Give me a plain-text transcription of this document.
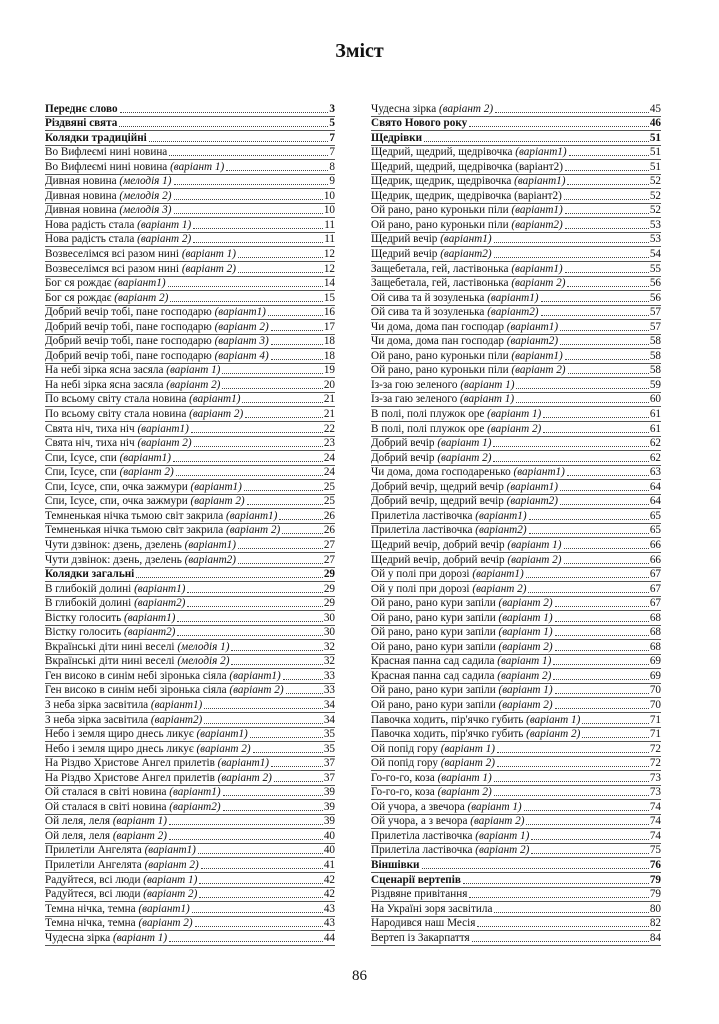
Зміст
Переднє слово	3
Різдвяні свята	5
Колядки традиційні	7
Во Вифлеємі нині новина	7
Во Вифлеємі нині новина (варіант 1)	8
Дивная новина (мелодія 1)	9
Дивная новина (мелодія 2)	10
Дивная новина (мелодія 3)	10
Нова радість стала (варіант 1)	11
Нова радість стала (варіант 2)	11
Возвеселімся всі разом нині (варіант 1)	12
Возвеселімся всі разом нині (варіант 2)	12
Бог ся рождає (варіант1)	14
Бог ся рождає (варіант 2)	15
Добрий вечір тобі, пане господарю (варіант1)	16
Добрий вечір тобі, пане господарю (варіант 2)	17
Добрий вечір тобі, пане господарю (варіант 3)	18
Добрий вечір тобі, пане господарю (варіант 4)	18
На небі зірка ясна засяла (варіант 1)	19
На небі зірка ясна засяла (варіант 2)	20
По всьому світу стала новина (варіант1)	21
По всьому світу стала новина (варіант 2)	21
Свята ніч, тиха ніч (варіант1)	22
Свята ніч, тиха ніч (варіант 2)	23
Спи, Ісусе, спи (варіант1)	24
Спи, Ісусе, спи (варіант 2)	24
Спи, Ісусе, спи, очка зажмури (варіант1)	25
Спи, Ісусе, спи, очка зажмури (варіант 2)	25
Темненькая нічка тьмою світ закрила (варіант1)	26
Темненькая нічка тьмою світ закрила (варіант 2)	26
Чути дзвінок: дзень, дзелень (варіант1)	27
Чути дзвінок: дзень, дзелень (варіант2)	27
Колядки загальні	29
В глибокій долині (варіант1)	29
В глибокій долині (варіант2)	29
Вістку голосить (варіант1)	30
Вістку голосить (варіант2)	30
Вкраїнські діти нині веселі (мелодія 1)	32
Вкраїнські діти нині веселі (мелодія 2)	32
Ген високо в синім небі зіронька сіяла (варіант1)	33
Ген високо в синім небі зіронька сіяла (варіант 2)	33
З неба зірка засвітила (варіант1)	34
З неба зірка засвітила (варіант2)	34
Небо і земля щиро днесь ликує (варіант1)	35
Небо і земля щиро днесь ликує (варіант 2)	35
На Різдво Христове Ангел прилетів (варіант1)	37
На Різдво Христове Ангел прилетів (варіант 2)	37
Ой сталася в світі новина (варіант1)	39
Ой сталася в світі новина (варіант2)	39
Ой леля, леля (варіант 1)	39
Ой леля, леля (варіант 2)	40
Прилетіли Ангелята (варіант1)	40
Прилетіли Ангелята (варіант 2)	41
Радуйтеся, всі люди (варіант 1)	42
Радуйтеся, всі люди (варіант 2)	42
Темна нічка, темна (варіант1)	43
Темна нічка, темна (варіант 2)	43
Чудесна зірка (варіант 1)	44
Чудесна зірка (варіант 2)	45
Свято Нового року	46
Щедрівки	51
Щедрий, щедрий, щедрівочка (варіант1)	51
Щедрий, щедрий, щедрівочка (варіант2)	51
Щедрик, щедрик, щедрівочка (варіант1)	52
Щедрик, щедрик, щедрівочка (варіант2)	52
Ой рано, рано куроньки піли (варіант1)	52
Ой рано, рано куроньки піли (варіант2)	53
Щедрий вечір (варіант1)	53
Щедрий вечір (варіант2)	54
Защебетала, гей, ластівонька (варіант1)	55
Защебетала, гей, ластівонька (варіант 2)	56
Ой сива та й зозуленька (варіант1)	56
Ой сива та й зозуленька (варіант2)	57
Чи дома, дома пан господар (варіант1)	57
Чи дома, дома пан господар (варіант2)	58
Ой рано, рано куроньки піли (варіант1)	58
Ой рано, рано куроньки піли (варіант 2)	58
Із-за гою зеленого (варіант 1)	59
Із-за гаю зеленого (варіант 1)	60
В полі, полі плужок оре (варіант 1)	61
В полі, полі плужок оре (варіант 2)	61
Добрий вечір (варіант 1)	62
Добрий вечір (варіант 2)	62
Чи дома, дома господаренько (варіант1)	63
Добрий вечір, щедрий вечір (варіант1)	64
Добрий вечір, щедрий вечір (варіант2)	64
Прилетіла ластівочка (варіант1)	65
Прилетіла ластівочка (варіант2)	65
Щедрий вечір, добрий вечір (варіант 1)	66
Щедрий вечір, добрий вечір (варіант 2)	66
Ой у полі при дорозі (варіант1)	67
Ой у полі при дорозі (варіант 2)	67
Ой рано, рано кури запіли (варіант 2)	67
Ой рано, рано кури запіли (варіант 1)	68
Ой рано, рано кури запіли (варіант 1)	68
Ой рано, рано кури запіли (варіант 2)	68
Красная панна сад садила (варіант 1)	69
Красная панна сад садила (варіант 2)	69
Ой рано, рано кури запіли (варіант 1)	70
Ой рано, рано кури запіли (варіант 2)	70
Павочка ходить, пір'ячко губить (варіант 1)	71
Павочка ходить, пір'ячко губить (варіант 2)	71
Ой попід гору (варіант 1)	72
Ой попід гору (варіант 2)	72
Го-го-го, коза (варіант 1)	73
Го-го-го, коза (варіант 2)	73
Ой учора, а звечора (варіант 1)	74
Ой учора, а з вечора (варіант 2)	74
Прилетіла ластівочка (варіант 1)	74
Прилетіла ластівочка (варіант 2)	75
Віншівки	76
Сценарії вертепів	79
Різдвяне привітання	79
На Україні зоря засвітила	80
Народився наш Месія	82
Вертеп із Закарпаття	84
86
